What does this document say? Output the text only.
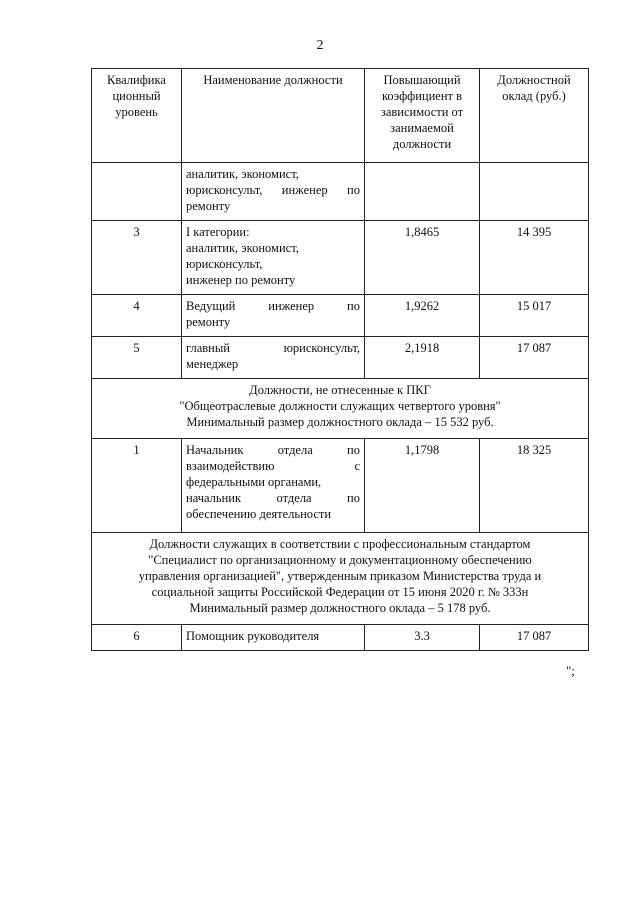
2
Квалифика
ционный
уровень	Наименование должности	Повышающий
коэффициент в
зависимости от
занимаемой
должности	Должностной
оклад (руб.)

	аналитик, экономист,
юрисконсульт, инженер по
ремонту		

3	I категории:
аналитик, экономист,
юрисконсульт,
инженер по ремонту	1,8465	14 395
4	Ведущий инженер по
ремонту	1,9262	15 017
5	главный юрисконсульт,
менеджер	2,1918	17 087

Должности, не отнесенные к ПКГ
"Общеотраслевые должности служащих четвертого уровня"
Минимальный размер должностного оклада – 15 532 руб.			

1	Начальник отдела по
взаимодействию с
федеральными органами,
начальник отдела по
обеспечению деятельности	1,1798	18 325

Должности служащих в соответствии с профессиональным стандартом
"Специалист по организационному и документационному обеспечению
управления организацией", утвержденным приказом Министерства труда и
социальной защиты Российской Федерации от 15 июня 2020 г. № 333н
Минимальный размер должностного оклада – 5 178 руб.			

6	Помощник руководителя	3.3	17 087
";
